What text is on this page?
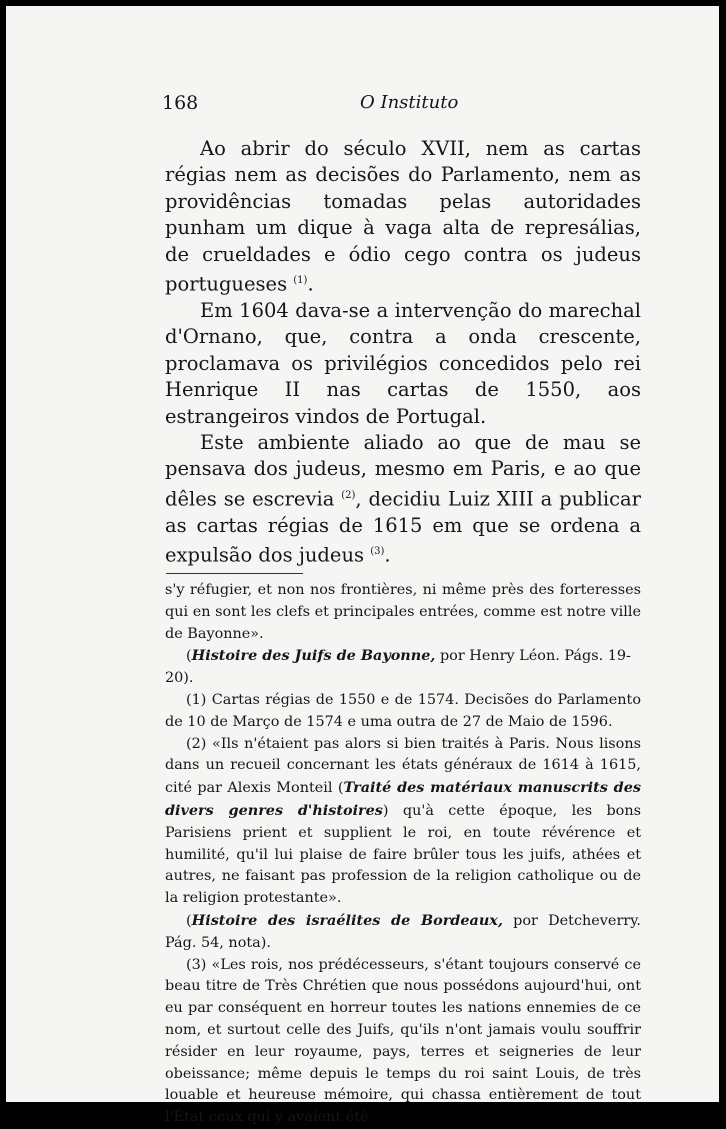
168	O Instituto

Ao abrir do século XVII, nem as cartas régias nem as decisões do Parlamento, nem as providências tomadas pelas autoridades punham um dique à vaga alta de represálias, de crueldades e ódio cego contra os judeus portugueses $^{(1)}$.

Em 1604 dava-se a intervenção do marechal d'Ornano, que, contra a onda crescente, proclamava os privilégios concedidos pelo rei Henrique II nas cartas de 1550, aos estrangeiros vindos de Portugal.

Este ambiente aliado ao que de mau se pensava dos judeus, mesmo em Paris, e ao que dêles se escrevia $^{(2)}$, decidiu Luiz XIII a publicar as cartas régias de 1615 em que se ordena a expulsão dos judeus $^{(3)}$.

s'y réfugier, et non nos frontières, ni même près des forteresses qui en sont les clefs et principales entrées, comme est notre ville de Bayonne».

(Histoire des Juifs de Bayonne, por Henry Léon. Págs. 19-20).

(1) Cartas régias de 1550 e de 1574. Decisões do Parlamento de 10 de Março de 1574 e uma outra de 27 de Maio de 1596.

(2) «Ils n'étaient pas alors si bien traités à Paris. Nous lisons dans un recueil concernant les états généraux de 1614 à 1615, cité par Alexis Monteil (Traité des matériaux manuscrits des divers genres d'histoires) qu'à cette époque, les bons Parisiens prient et supplient le roi, en toute révérence et humilité, qu'il lui plaise de faire brûler tous les juifs, athées et autres, ne faisant pas profession de la religion catholique ou de la religion protestante».

(Histoire des israélites de Bordeaux, por Detcheverry. Pág. 54, nota).

(3) «Les rois, nos prédécesseurs, s'étant toujours conservé ce beau titre de Très Chrétien que nous possédons aujourd'hui, ont eu par conséquent en horreur toutes les nations ennemies de ce nom, et surtout celle des Juifs, qu'ils n'ont jamais voulu souffrir résider en leur royaume, pays, terres et seigneries de leur obeissance; même depuis le temps du roi saint Louis, de très louable et heureuse mémoire, qui chassa entièrement de tout l'État ceux qui y avaient été
